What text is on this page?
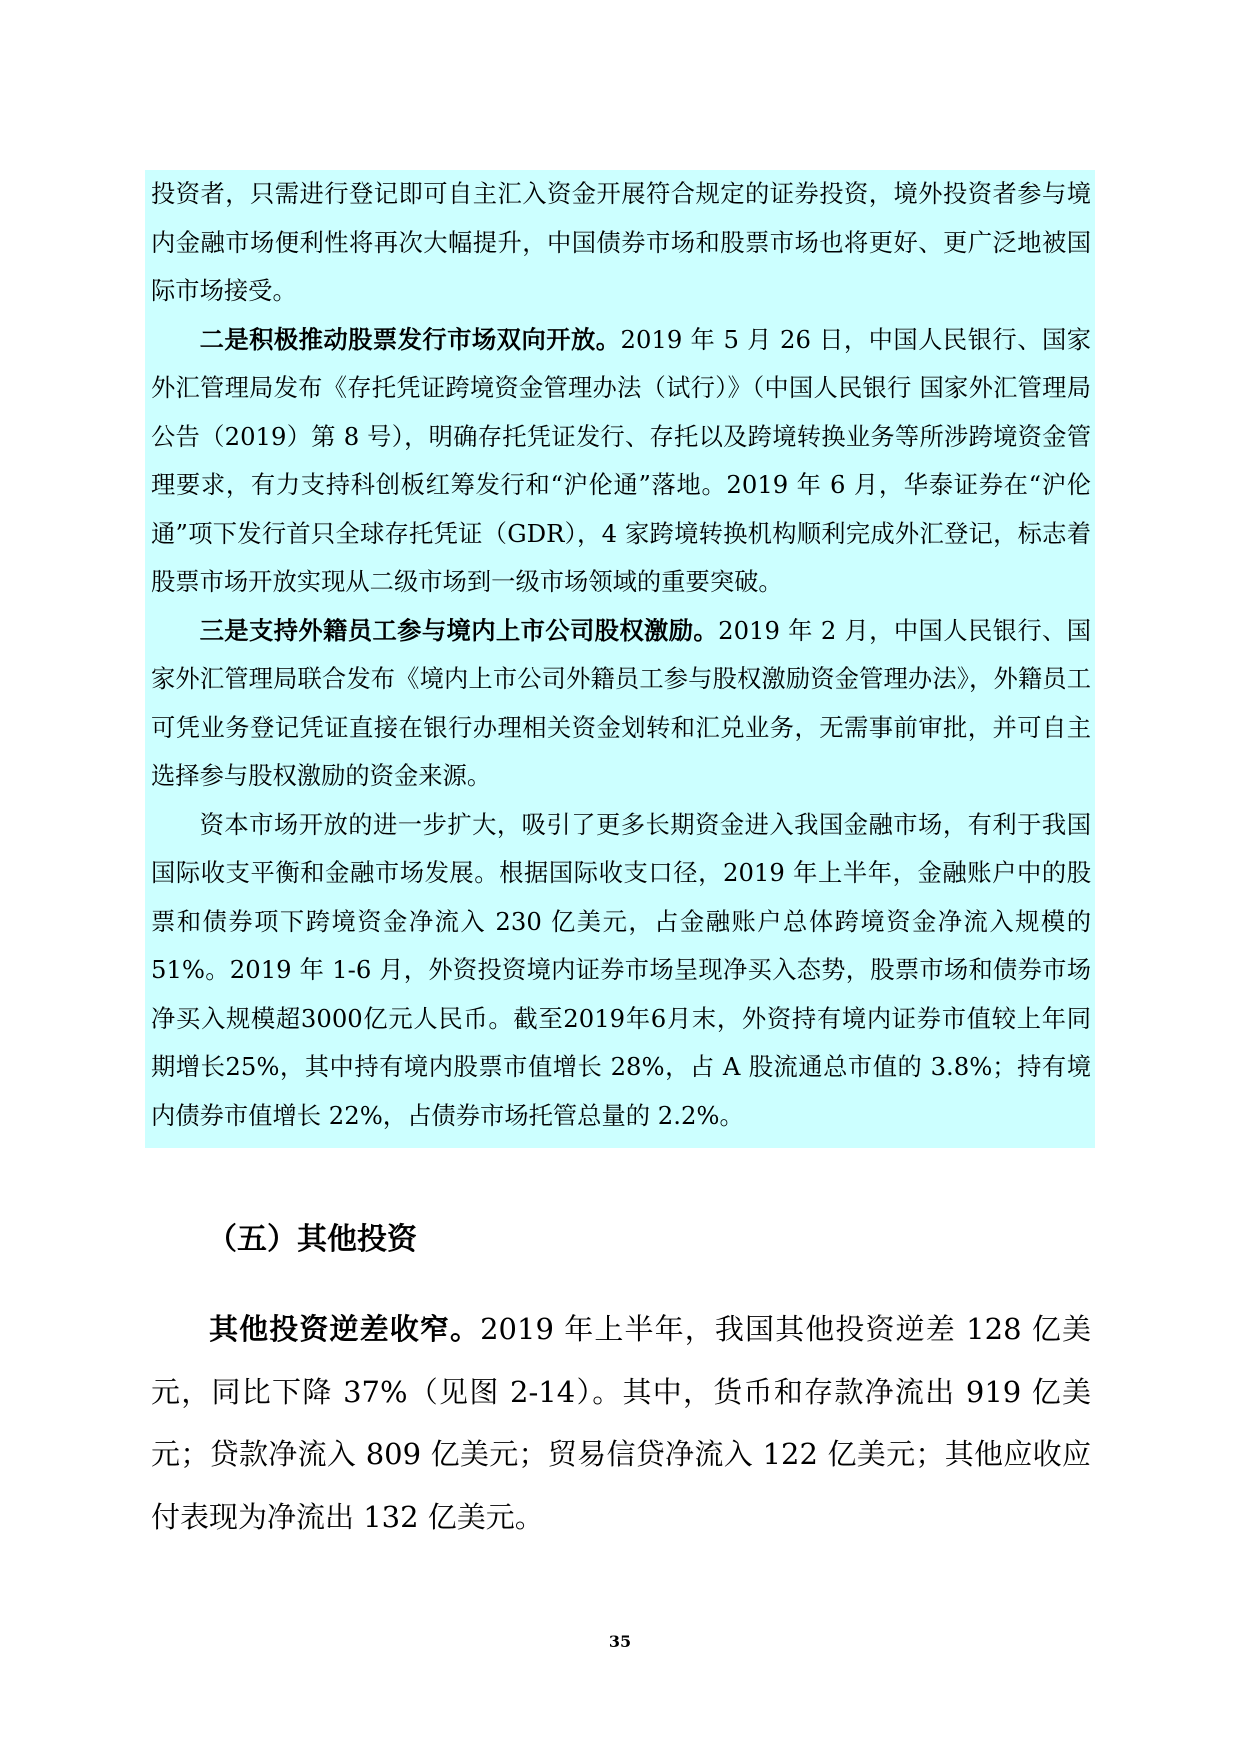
投资者，只需进行登记即可自主汇入资金开展符合规定的证券投资，境外投资者参与境内金融市场便利性将再次大幅提升，中国债券市场和股票市场也将更好、更广泛地被国际市场接受。

二是积极推动股票发行市场双向开放。2019 年 5 月 26 日，中国人民银行、国家外汇管理局发布《存托凭证跨境资金管理办法（试行）》（中国人民银行 国家外汇管理局公告（2019）第 8 号），明确存托凭证发行、存托以及跨境转换业务等所涉跨境资金管理要求，有力支持科创板红筹发行和“沪伦通”落地。2019 年 6 月，华泰证券在“沪伦通”项下发行首只全球存托凭证（GDR），4 家跨境转换机构顺利完成外汇登记，标志着股票市场开放实现从二级市场到一级市场领域的重要突破。

三是支持外籍员工参与境内上市公司股权激励。2019 年 2 月，中国人民银行、国家外汇管理局联合发布《境内上市公司外籍员工参与股权激励资金管理办法》，外籍员工可凭业务登记凭证直接在银行办理相关资金划转和汇兑业务，无需事前审批，并可自主选择参与股权激励的资金来源。

资本市场开放的进一步扩大，吸引了更多长期资金进入我国金融市场，有利于我国国际收支平衡和金融市场发展。根据国际收支口径，2019 年上半年，金融账户中的股票和债券项下跨境资金净流入 230 亿美元，占金融账户总体跨境资金净流入规模的 51%。2019 年 1-6 月，外资投资境内证券市场呈现净买入态势，股票市场和债券市场净买入规模超3000亿元人民币。截至2019年6月末，外资持有境内证券市值较上年同期增长25%，其中持有境内股票市值增长 28%，占 A 股流通总市值的 3.8%；持有境内债券市值增长 22%，占债券市场托管总量的 2.2%。

（五）其他投资

其他投资逆差收窄。2019 年上半年，我国其他投资逆差 128 亿美元，同比下降 37%（见图 2-14）。其中，货币和存款净流出 919 亿美元；贷款净流入 809 亿美元；贸易信贷净流入 122 亿美元；其他应收应付表现为净流出 132 亿美元。

35
